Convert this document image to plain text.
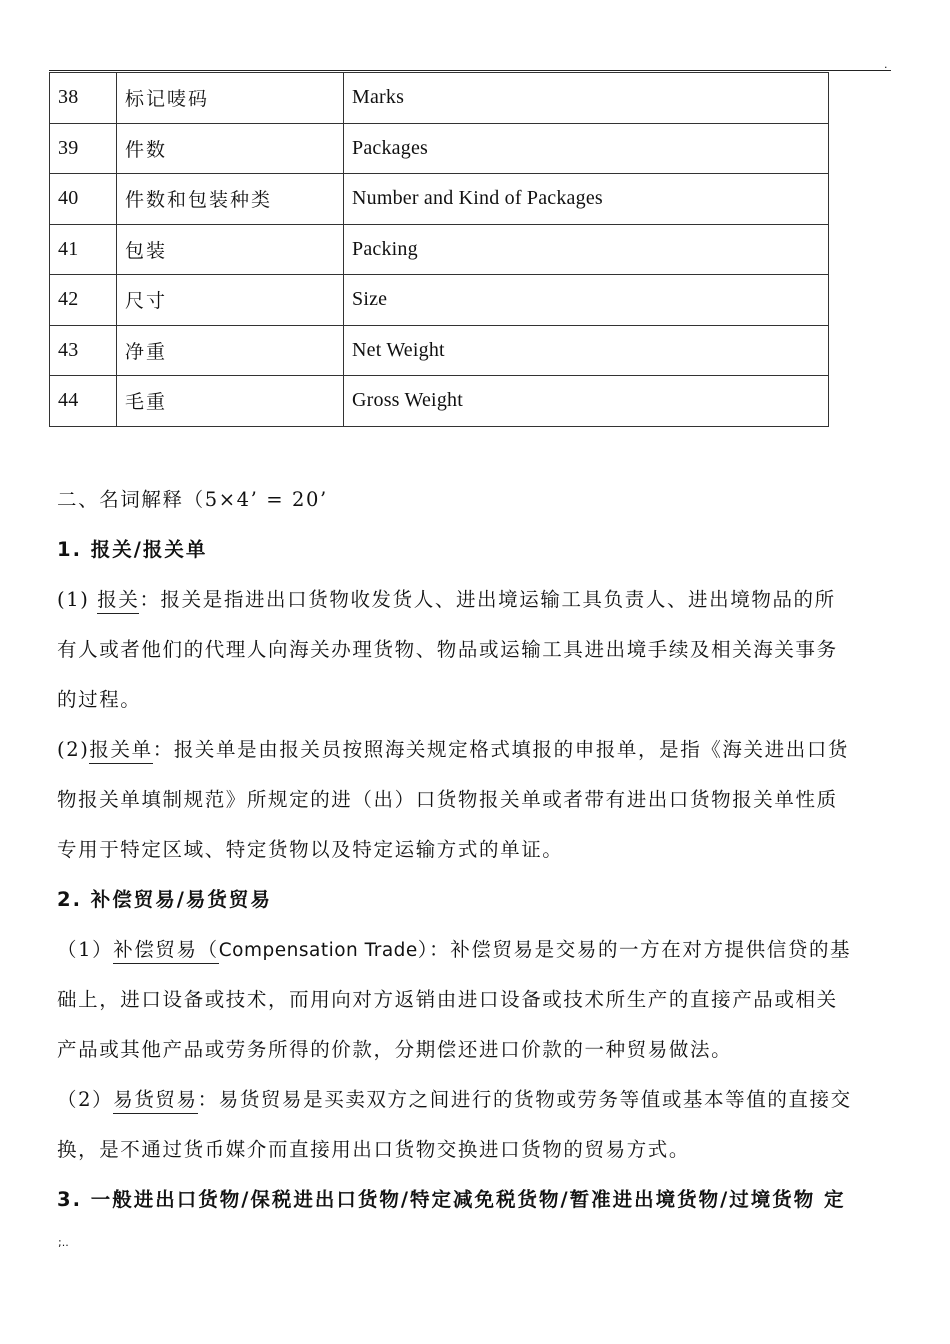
.
38	标记唛码	Marks
39	件数	Packages
40	件数和包装种类	Number and Kind of Packages
41	包装	Packing
42	尺寸	Size
43	净重	Net Weight
44	毛重	Gross Weight
二、名词解释（5×4’ = 20’
1. 报关/报关单
(1) 报关：报关是指进出口货物收发货人、进出境运输工具负责人、进出境物品的所
有人或者他们的代理人向海关办理货物、物品或运输工具进出境手续及相关海关事务
的过程。
(2)报关单：报关单是由报关员按照海关规定格式填报的申报单，是指《海关进出口货
物报关单填制规范》所规定的进（出）口货物报关单或者带有进出口货物报关单性质
专用于特定区域、特定货物以及特定运输方式的单证。
2. 补偿贸易/易货贸易
（1）补偿贸易（Compensation Trade）：补偿贸易是交易的一方在对方提供信贷的基
础上，进口设备或技术，而用向对方返销由进口设备或技术所生产的直接产品或相关
产品或其他产品或劳务所得的价款，分期偿还进口价款的一种贸易做法。
（2）易货贸易：易货贸易是买卖双方之间进行的货物或劳务等值或基本等值的直接交
换，是不通过货币媒介而直接用出口货物交换进口货物的贸易方式。
3. 一般进出口货物/保税进出口货物/特定减免税货物/暂准进出境货物/过境货物 定
;..
